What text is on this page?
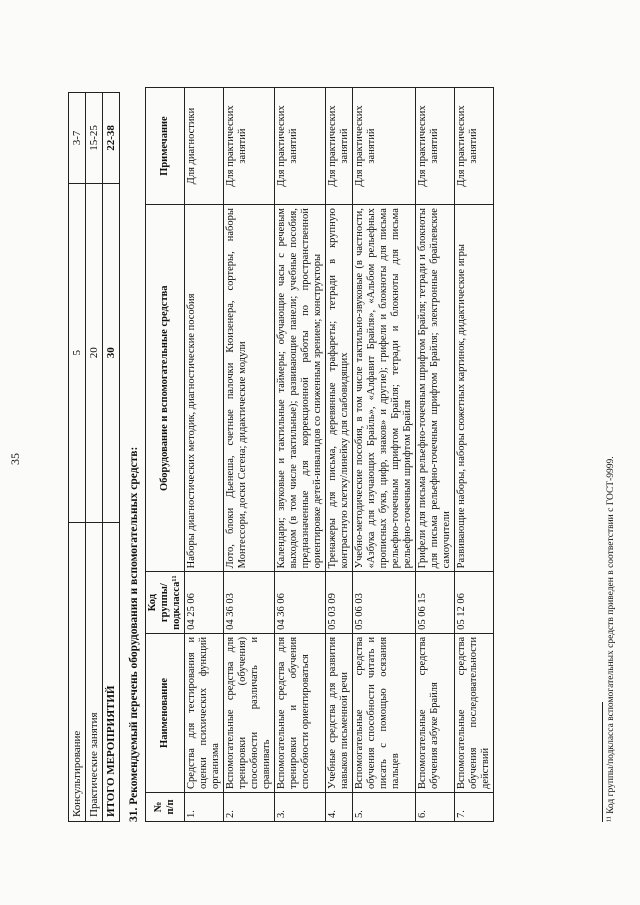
35
Консультирование	5	3-7
Практические занятия	20	15-25
ИТОГО МЕРОПРИЯТИЙ	30	22-38
31. Рекомендуемый перечень оборудования и вспомогательных средств: № п/п	Наименование	Код группы/ подкласса¹¹	Оборудование и вспомогательные средства	Примечание
1.	Средства для тестирования и оценки психических функций организма	04 25 06	Наборы диагностических методик, диагностические пособия	Для диагностики
2.	Вспомогательные средства для тренировки (обучения) способности различать и сравнивать	04 36 03	Лото, блоки Дьенеша, счетные палочки Кюизенера, сортеры, наборы Монтессори, доски Сегена; дидактические модули	Для практических занятий
3.	Вспомогательные средства для тренировки и обучения способности ориентироваться	04 36 06	Календари; звуковые и тактильные таймеры; обучающие часы с речевым выходом (в том числе тактильные); развивающие панели; учебные пособия, предназначенные для коррекционной работы по пространственной ориентировке детей-инвалидов со сниженным зрением; конструкторы	Для практических занятий
4.	Учебные средства для развития навыков письменной речи	05 03 09	Тренажеры для письма, деревянные трафареты; тетради в крупную контрастную клетку/линейку для слабовидящих	Для практических занятий
5.	Вспомогательные средства обучения способности читать и писать с помощью осязания пальцев	05 06 03	Учебно-методические пособия, в том числе тактильно-звуковые (в частности, «Азбука для изучающих Брайль», «Алфавит Брайля», «Альбом рельефных прописных букв, цифр, знаков» и другие); грифели и блокноты для письма рельефно-точечным шрифтом Брайля; тетради и блокноты для письма рельефно-точечным шрифтом Брайля	Для практических занятий
6.	Вспомогательные средства обучения азбуке Брайля	05 06 15	Грифели для письма рельефно-точечным шрифтом Брайля; тетради и блокноты для письма рельефно-точечным шрифтом Брайля; электронные брайлевские самоучители	Для практических занятий
7.	Вспомогательные средства обучения последовательности действий	05 12 06	Развивающие наборы, наборы сюжетных картинок, дидактические игры	Для практических занятий
¹¹ Код группы/подкласса вспомогательных средств приведен в соответствии с ГОСТ-9999.
